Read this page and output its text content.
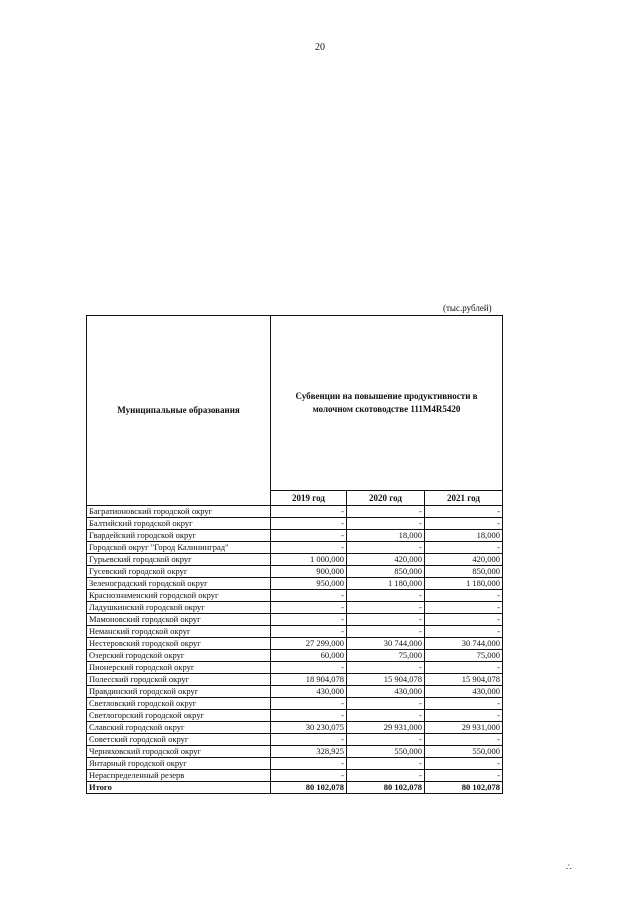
20
(тыс.рублей)
Муниципальные образования	Субвенции на повышение продуктивности в молочном скотоводстве 111М4R5420		
	2019 год	2020 год	2021 год
Багратионовский городской округ	-	-	-
Балтийский городской округ	-	-	-
Гвардейский городской округ	-	18,000	18,000
Городской округ "Город Калининград"	-	-	-
Гурьевский городской округ	1 000,000	420,000	420,000
Гусевский городской округ	900,000	850,000	850,000
Зеленоградский городской округ	950,000	1 180,000	1 180,000
Краснознаменский городской округ	-	-	-
Ладушкинский городской округ	-	-	-
Мамоновский городской округ	-	-	-
Неманский городской округ	-	-	-
Нестеровский городской округ	27 299,000	30 744,000	30 744,000
Озерский городской округ	60,000	75,000	75,000
Пионерский городской округ	-	-	-
Полесский городской округ	18 904,078	15 904,078	15 904,078
Правдинский городской округ	430,000	430,000	430,000
Светловский городской округ	-	-	-
Светлогорский городской округ	-	-	-
Славский городской округ	30 230,075	29 931,000	29 931,000
Советский городской округ	-	-	-
Черняховский городской округ	328,925	550,000	550,000
Янтарный городской округ	-	-	-
Нераспределенный резерв	-	-	-
Итого	80 102,078	80 102,078	80 102,078
∴
